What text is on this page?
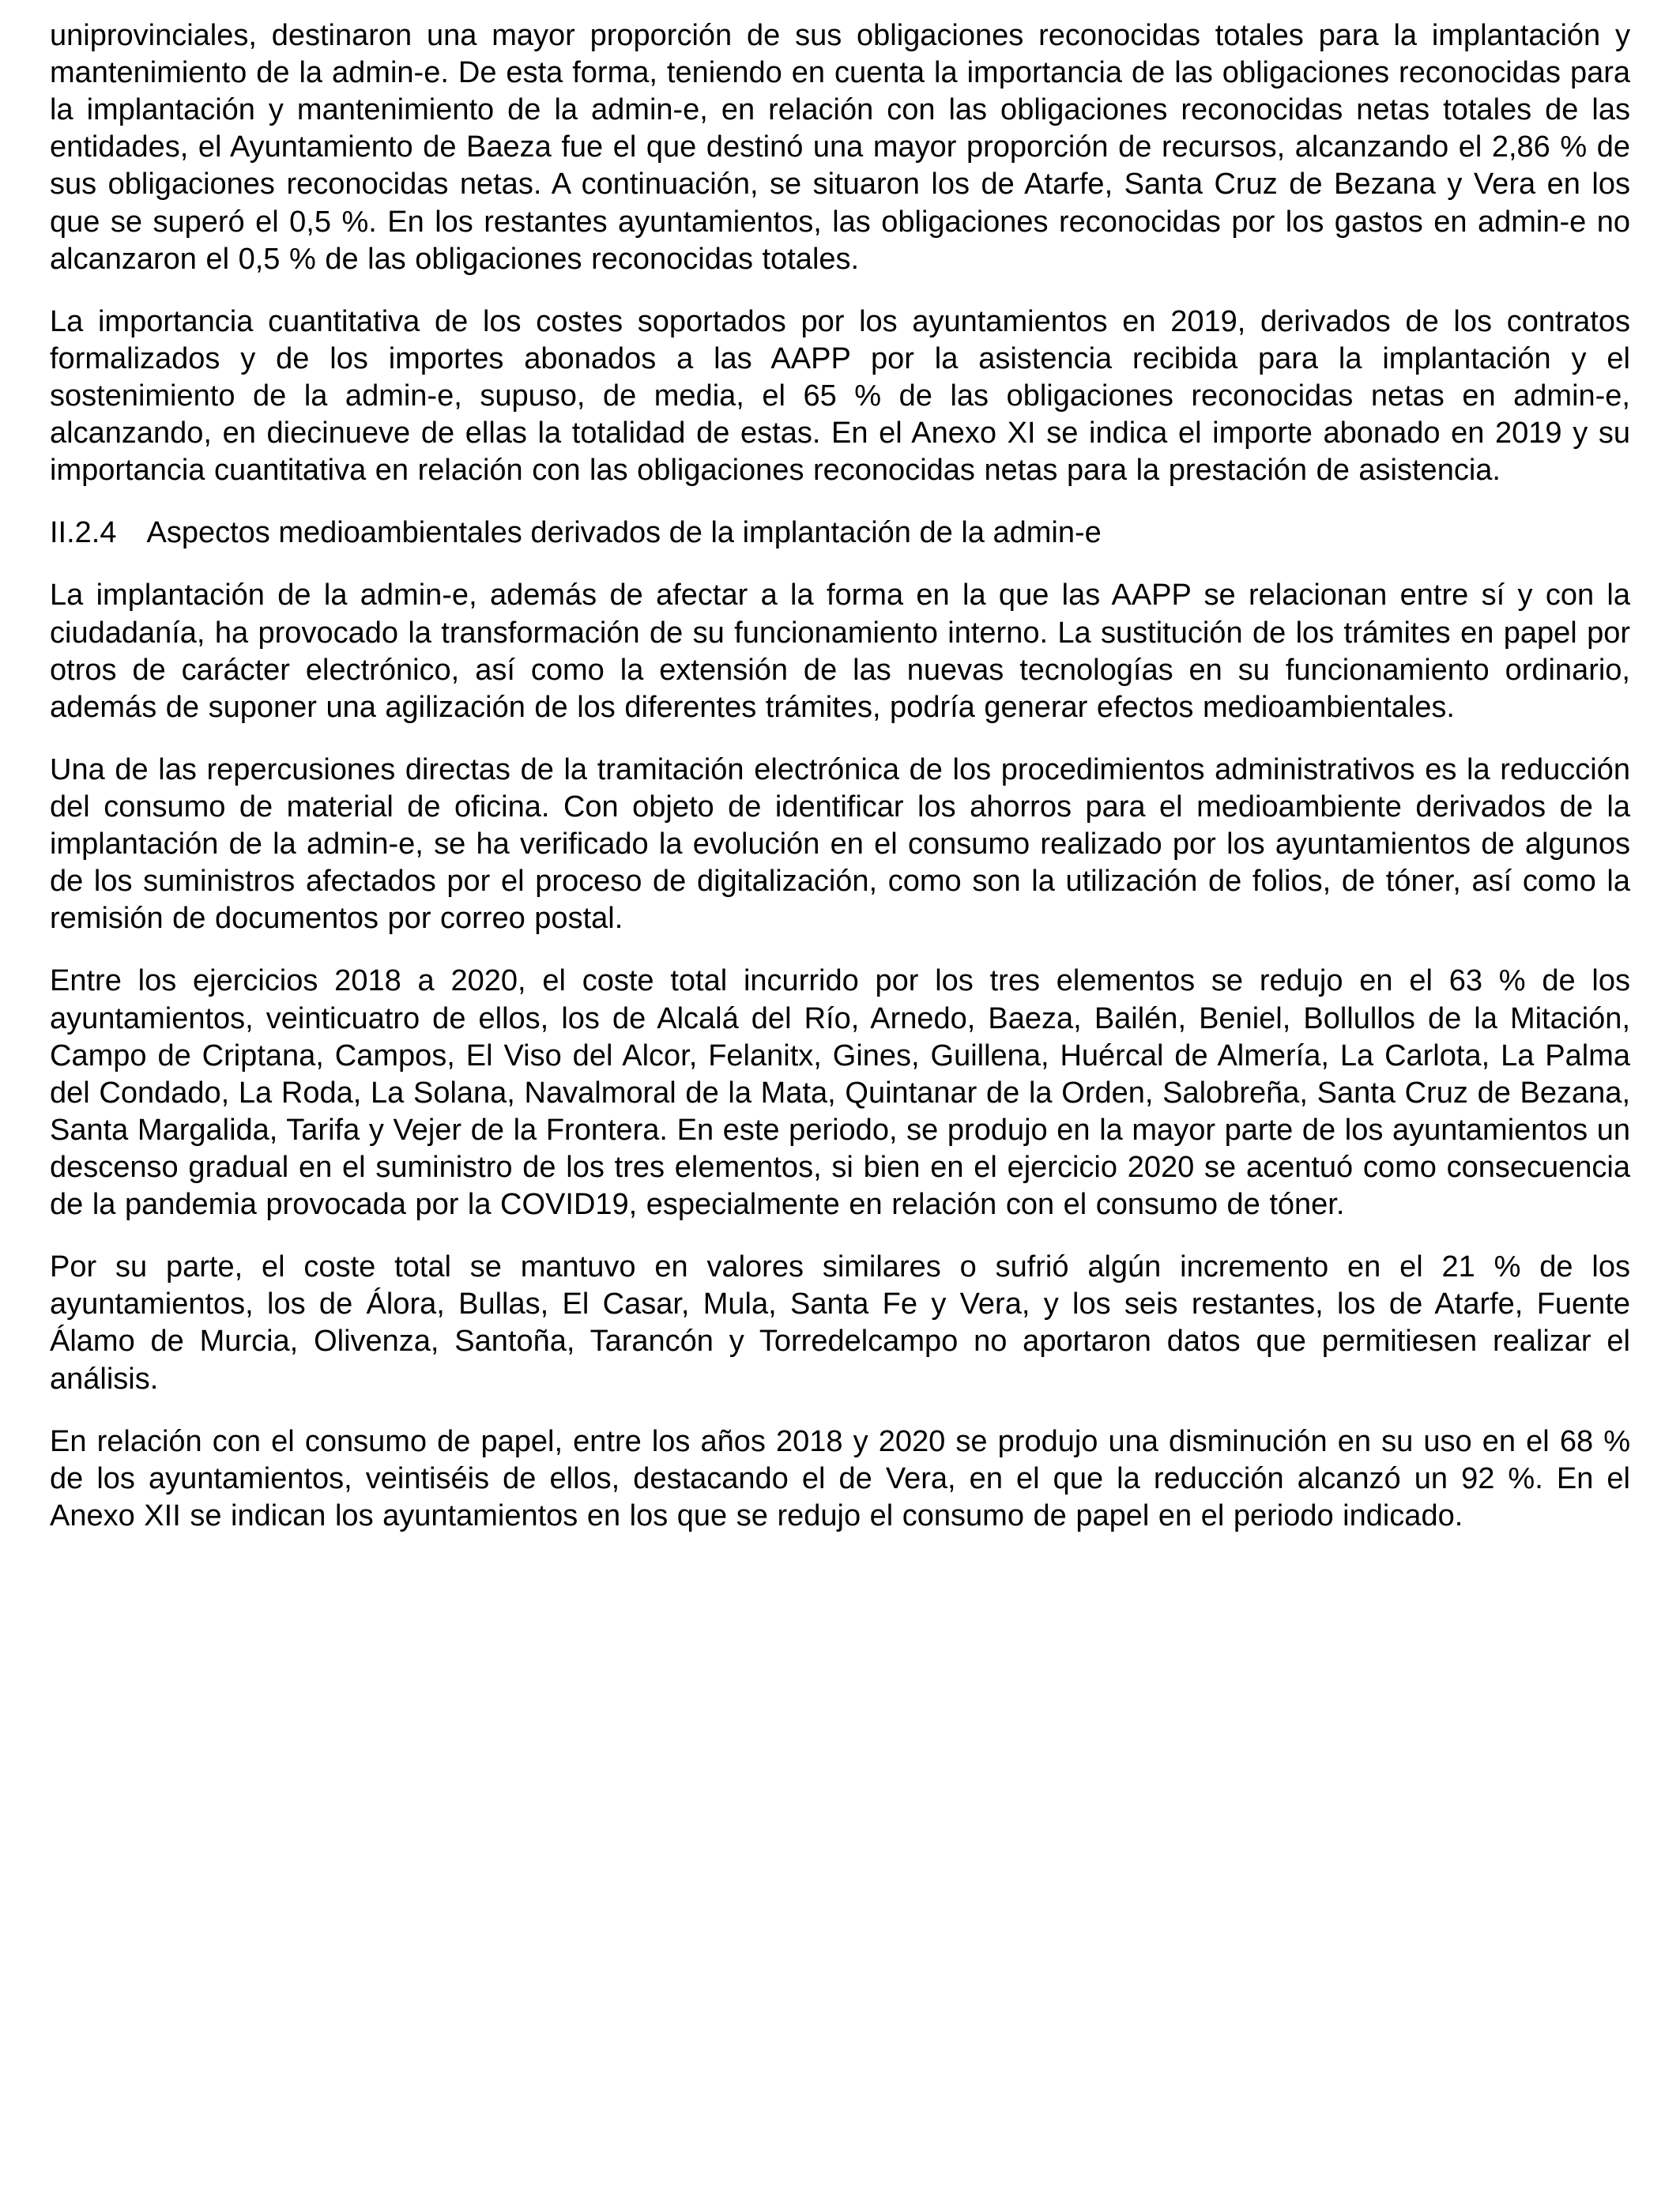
uniprovinciales, destinaron una mayor proporción de sus obligaciones reconocidas totales para la implantación y mantenimiento de la admin-e. De esta forma, teniendo en cuenta la importancia de las obligaciones reconocidas para la implantación y mantenimiento de la admin-e, en relación con las obligaciones reconocidas netas totales de las entidades, el Ayuntamiento de Baeza fue el que destinó una mayor proporción de recursos, alcanzando el 2,86 % de sus obligaciones reconocidas netas. A continuación, se situaron los de Atarfe, Santa Cruz de Bezana y Vera en los que se superó el 0,5 %. En los restantes ayuntamientos, las obligaciones reconocidas por los gastos en admin-e no alcanzaron el 0,5 % de las obligaciones reconocidas totales.

La importancia cuantitativa de los costes soportados por los ayuntamientos en 2019, derivados de los contratos formalizados y de los importes abonados a las AAPP por la asistencia recibida para la implantación y el sostenimiento de la admin-e, supuso, de media, el 65 % de las obligaciones reconocidas netas en admin-e, alcanzando, en diecinueve de ellas la totalidad de estas. En el Anexo XI se indica el importe abonado en 2019 y su importancia cuantitativa en relación con las obligaciones reconocidas netas para la prestación de asistencia.

II.2.4 Aspectos medioambientales derivados de la implantación de la admin-e

La implantación de la admin-e, además de afectar a la forma en la que las AAPP se relacionan entre sí y con la ciudadanía, ha provocado la transformación de su funcionamiento interno. La sustitución de los trámites en papel por otros de carácter electrónico, así como la extensión de las nuevas tecnologías en su funcionamiento ordinario, además de suponer una agilización de los diferentes trámites, podría generar efectos medioambientales.

Una de las repercusiones directas de la tramitación electrónica de los procedimientos administrativos es la reducción del consumo de material de oficina. Con objeto de identificar los ahorros para el medioambiente derivados de la implantación de la admin-e, se ha verificado la evolución en el consumo realizado por los ayuntamientos de algunos de los suministros afectados por el proceso de digitalización, como son la utilización de folios, de tóner, así como la remisión de documentos por correo postal.

Entre los ejercicios 2018 a 2020, el coste total incurrido por los tres elementos se redujo en el 63 % de los ayuntamientos, veinticuatro de ellos, los de Alcalá del Río, Arnedo, Baeza, Bailén, Beniel, Bollullos de la Mitación, Campo de Criptana, Campos, El Viso del Alcor, Felanitx, Gines, Guillena, Huércal de Almería, La Carlota, La Palma del Condado, La Roda, La Solana, Navalmoral de la Mata, Quintanar de la Orden, Salobreña, Santa Cruz de Bezana, Santa Margalida, Tarifa y Vejer de la Frontera. En este periodo, se produjo en la mayor parte de los ayuntamientos un descenso gradual en el suministro de los tres elementos, si bien en el ejercicio 2020 se acentuó como consecuencia de la pandemia provocada por la COVID19, especialmente en relación con el consumo de tóner.

Por su parte, el coste total se mantuvo en valores similares o sufrió algún incremento en el 21 % de los ayuntamientos, los de Álora, Bullas, El Casar, Mula, Santa Fe y Vera, y los seis restantes, los de Atarfe, Fuente Álamo de Murcia, Olivenza, Santoña, Tarancón y Torredelcampo no aportaron datos que permitiesen realizar el análisis.

En relación con el consumo de papel, entre los años 2018 y 2020 se produjo una disminución en su uso en el 68 % de los ayuntamientos, veintiséis de ellos, destacando el de Vera, en el que la reducción alcanzó un 92 %. En el Anexo XII se indican los ayuntamientos en los que se redujo el consumo de papel en el periodo indicado.
